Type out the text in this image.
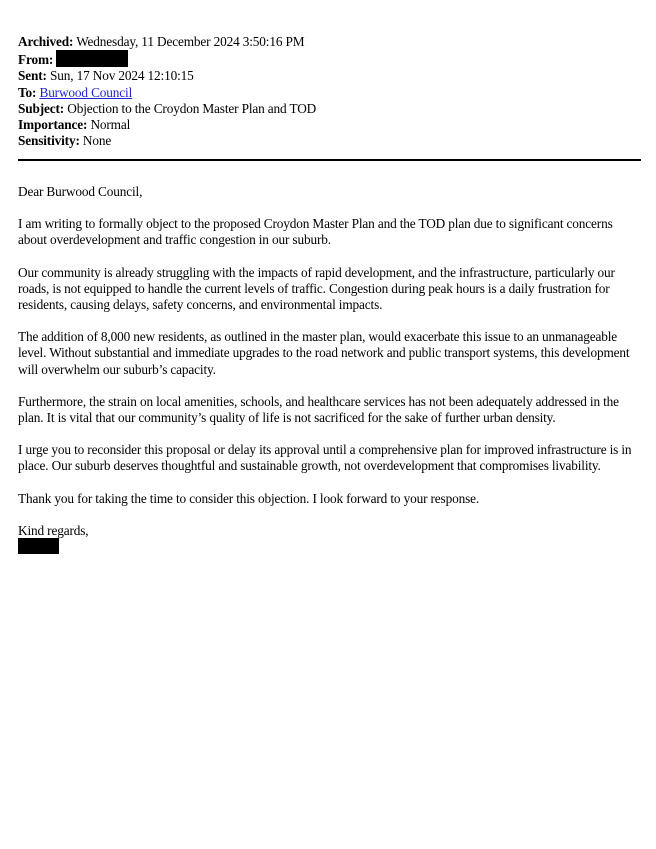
Archived: Wednesday, 11 December 2024 3:50:16 PM
From:
Sent: Sun, 17 Nov 2024 12:10:15
To: Burwood Council
Subject: Objection to the Croydon Master Plan and TOD
Importance: Normal
Sensitivity: None

Dear Burwood Council,

I am writing to formally object to the proposed Croydon Master Plan and the TOD plan due to significant concerns about overdevelopment and traffic congestion in our suburb.

Our community is already struggling with the impacts of rapid development, and the infrastructure, particularly our roads, is not equipped to handle the current levels of traffic. Congestion during peak hours is a daily frustration for residents, causing delays, safety concerns, and environmental impacts.

The addition of 8,000 new residents, as outlined in the master plan, would exacerbate this issue to an unmanageable level. Without substantial and immediate upgrades to the road network and public transport systems, this development will overwhelm our suburb’s capacity.

Furthermore, the strain on local amenities, schools, and healthcare services has not been adequately addressed in the plan. It is vital that our community’s quality of life is not sacrificed for the sake of further urban density.

I urge you to reconsider this proposal or delay its approval until a comprehensive plan for improved infrastructure is in place. Our suburb deserves thoughtful and sustainable growth, not overdevelopment that compromises livability.

Thank you for taking the time to consider this objection. I look forward to your response.

Kind regards,
